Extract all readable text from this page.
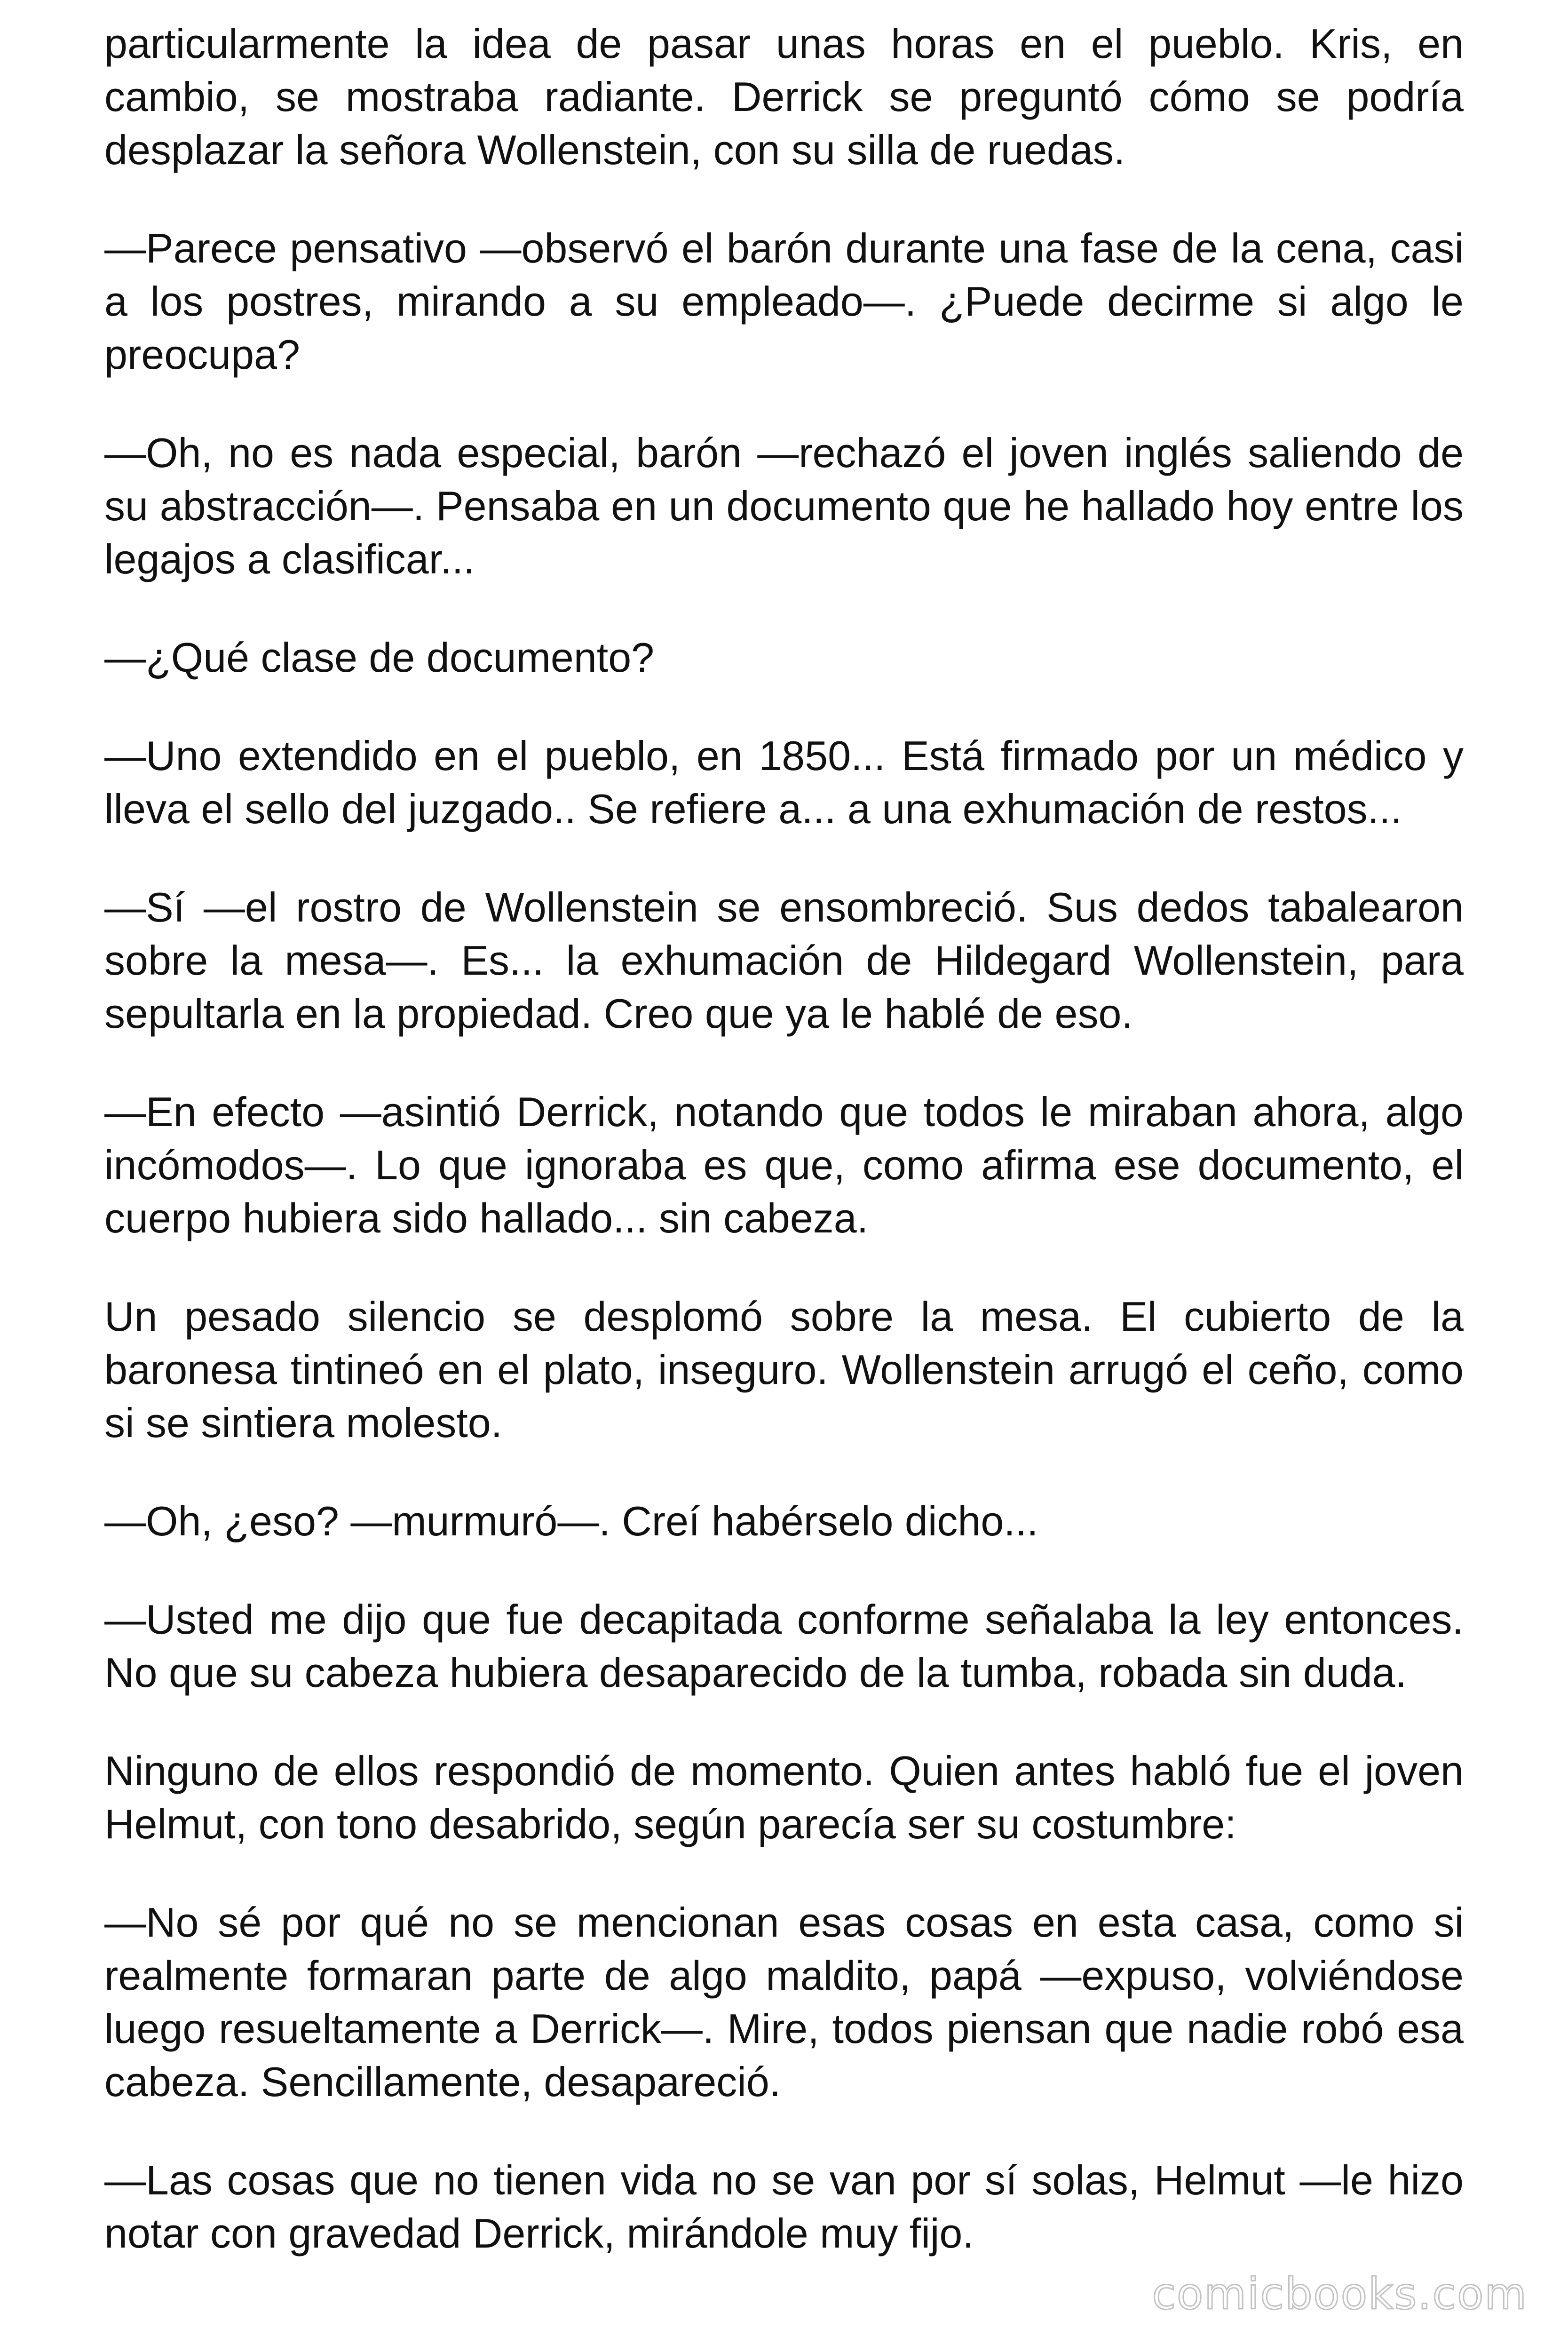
particularmente la idea de pasar unas horas en el pueblo. Kris, en cambio, se mostraba radiante. Derrick se preguntó cómo se podría desplazar la señora Wollenstein, con su silla de ruedas.

—Parece pensativo —observó el barón durante una fase de la cena, casi a los postres, mirando a su empleado—. ¿Puede decirme si algo le preocupa?

—Oh, no es nada especial, barón —rechazó el joven inglés saliendo de su abstracción—. Pensaba en un documento que he hallado hoy entre los legajos a clasificar...

—¿Qué clase de documento?

—Uno extendido en el pueblo, en 1850... Está firmado por un médico y lleva el sello del juzgado.. Se refiere a... a una exhumación de restos...

—Sí —el rostro de Wollenstein se ensombreció. Sus dedos tabalearon sobre la mesa—. Es... la exhumación de Hildegard Wollenstein, para sepultarla en la propiedad. Creo que ya le hablé de eso.

—En efecto —asintió Derrick, notando que todos le miraban ahora, algo incómodos—. Lo que ignoraba es que, como afirma ese documento, el cuerpo hubiera sido hallado... sin cabeza.

Un pesado silencio se desplomó sobre la mesa. El cubierto de la baronesa tintineó en el plato, inseguro. Wollenstein arrugó el ceño, como si se sintiera molesto.

—Oh, ¿eso? —murmuró—. Creí habérselo dicho...

—Usted me dijo que fue decapitada conforme señalaba la ley entonces. No que su cabeza hubiera desaparecido de la tumba, robada sin duda.

Ninguno de ellos respondió de momento. Quien antes habló fue el joven Helmut, con tono desabrido, según parecía ser su costumbre:

—No sé por qué no se mencionan esas cosas en esta casa, como si realmente formaran parte de algo maldito, papá —expuso, volviéndose luego resueltamente a Derrick—. Mire, todos piensan que nadie robó esa cabeza. Sencillamente, desapareció.

—Las cosas que no tienen vida no se van por sí solas, Helmut —le hizo notar con gravedad Derrick, mirándole muy fijo.

comicbooks.com
